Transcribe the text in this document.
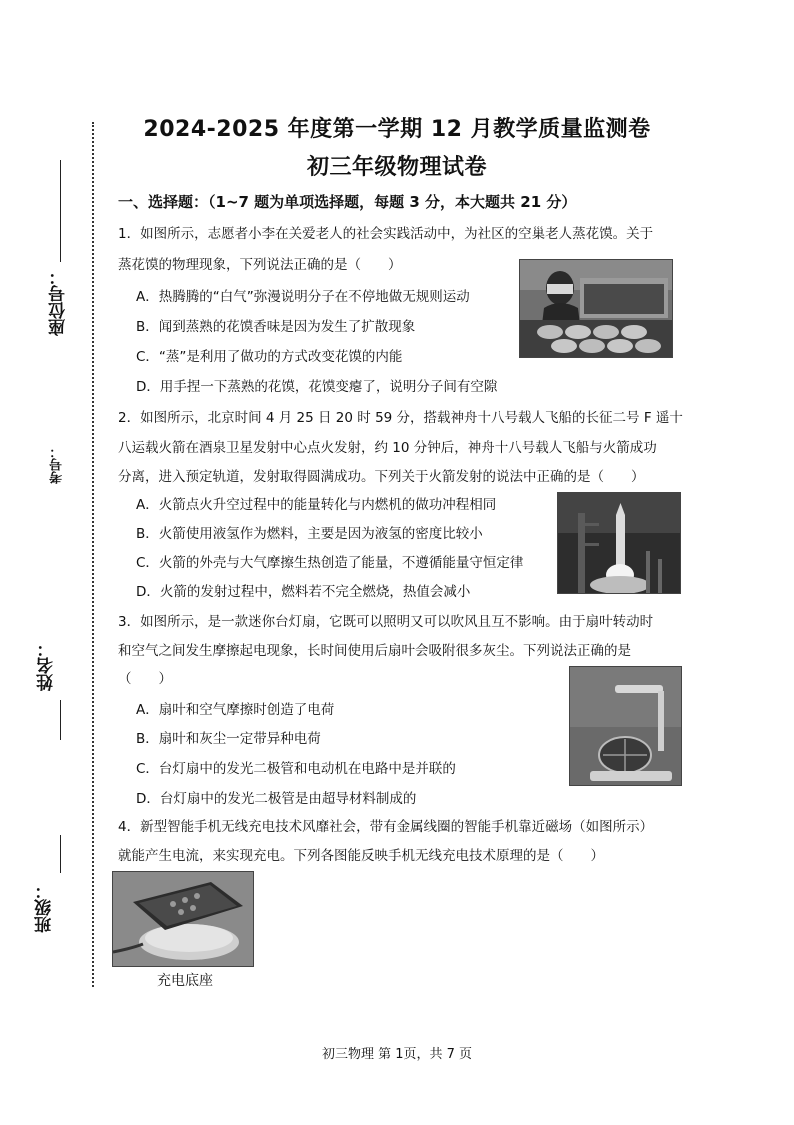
座位号：
考号：
姓名：
班级：
2024-2025 年度第一学期 12 月教学质量监测卷
初三年级物理试卷
一、选择题：（1~7 题为单项选择题，每题 3 分，本大题共 21 分）
1．如图所示，志愿者小李在关爱老人的社会实践活动中，为社区的空巢老人蒸花馍。关于
蒸花馍的物理现象，下列说法正确的是（　　）
A．热腾腾的“白气”弥漫说明分子在不停地做无规则运动
B．闻到蒸熟的花馍香味是因为发生了扩散现象
C．“蒸”是利用了做功的方式改变花馍的内能
D．用手捏一下蒸熟的花馍，花馍变瘪了，说明分子间有空隙
2．如图所示，北京时间 4 月 25 日 20 时 59 分，搭载神舟十八号载人飞船的长征二号 F 遥十
八运载火箭在酒泉卫星发射中心点火发射，约 10 分钟后，神舟十八号载人飞船与火箭成功
分离，进入预定轨道，发射取得圆满成功。下列关于火箭发射的说法中正确的是（　　）
A．火箭点火升空过程中的能量转化与内燃机的做功冲程相同
B．火箭使用液氢作为燃料，主要是因为液氢的密度比较小
C．火箭的外壳与大气摩擦生热创造了能量，不遵循能量守恒定律
D．火箭的发射过程中，燃料若不完全燃烧，热值会减小
3．如图所示，是一款迷你台灯扇，它既可以照明又可以吹风且互不影响。由于扇叶转动时
和空气之间发生摩擦起电现象，长时间使用后扇叶会吸附很多灰尘。下列说法正确的是
（　　）
A．扇叶和空气摩擦时创造了电荷
B．扇叶和灰尘一定带异种电荷
C．台灯扇中的发光二极管和电动机在电路中是并联的
D．台灯扇中的发光二极管是由超导材料制成的
4．新型智能手机无线充电技术风靡社会，带有金属线圈的智能手机靠近磁场（如图所示）
就能产生电流，来实现充电。下列各图能反映手机无线充电技术原理的是（　　）
充电底座
初三物理 第 1页，共 7 页
